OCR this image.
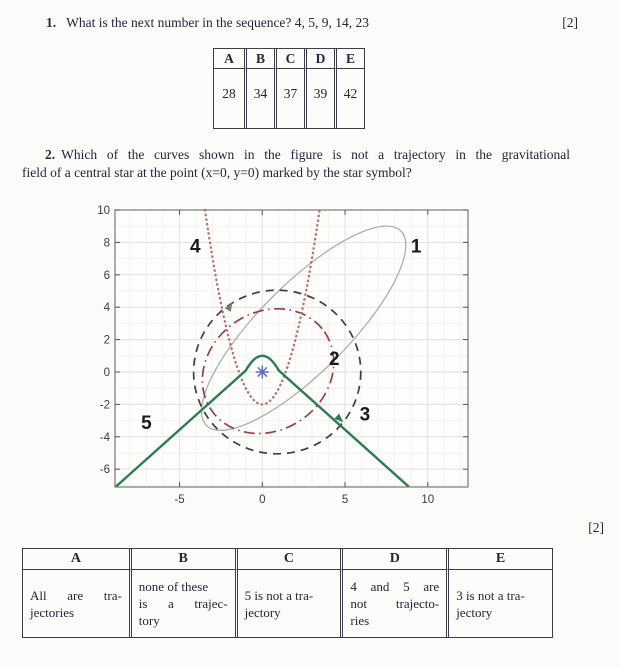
1. What is the next number in the sequence? 4, 5, 9, 14, 23	[2]
A	B	C	D	E
28	34	37	39	42
2. Which of the curves shown in the figure is not a trajectory in the gravitational
field of a central star at the point (x=0, y=0) marked by the star symbol?
1
2
3
4
5
-5	0	5	10
-6
-4
-2
0
2
4
6
8
10
[2]
A	B	C	D	E

All are tra-
jectories

none of these
is a trajec-
tory

5 is not a tra-
jectory

4 and 5 are
not trajecto-
ries

3 is not a tra-
jectory
